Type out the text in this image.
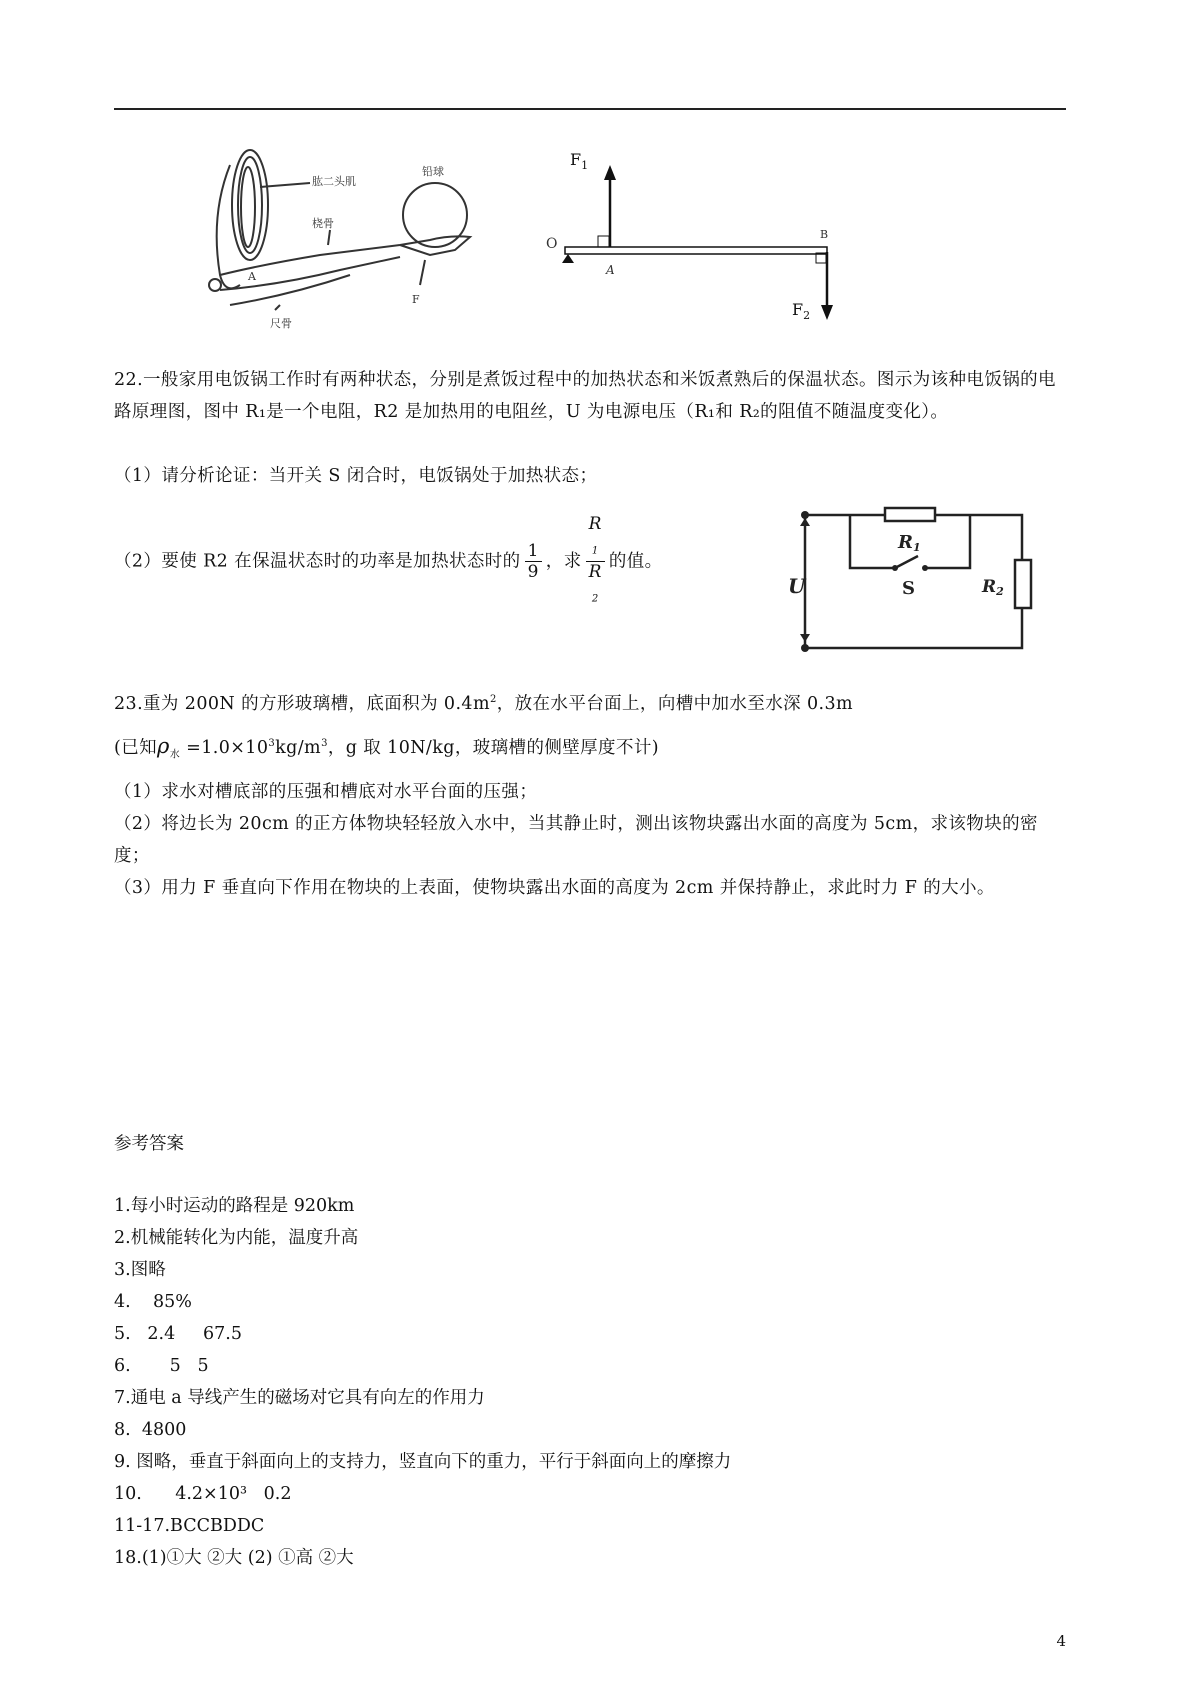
肱二头肌
桡骨
铅球
尺骨
A
F
$F_1$
$F_2$
O
A
B

22.一般家用电饭锅工作时有两种状态，分别是煮饭过程中的加热状态和米饭煮熟后的保温状态。图示为该种电饭锅的电路原理图，图中 R₁是一个电阻，R2 是加热用的电阻丝，U 为电源电压（R₁和 R₂的阻值不随温度变化）。

（1）请分析论证：当开关 S 闭合时，电饭锅处于加热状态；

（2）要使 R2 在保温状态时的功率是加热状态时的 $\frac{1}{9}$ ，求 R
$_1$
R
$_2$ 的值。
R1
R2
S
U

23.重为 200N 的方形玻璃槽，底面积为 $0.4m^2$，放在水平台面上，向槽中加水至水深 0.3m

(已知$\rho_水 =1.0\times 10^3kg/m^3$，g 取 10N/kg，玻璃槽的侧壁厚度不计)

（1）求水对槽底部的压强和槽底对水平台面的压强；

（2）将边长为 20cm 的正方体物块轻轻放入水中，当其静止时，测出该物块露出水面的高度为 5cm，求该物块的密度；

（3）用力 F 垂直向下作用在物块的上表面，使物块露出水面的高度为 2cm 并保持静止，求此时力 F 的大小。

参考答案
1.每小时运动的路程是 920km
2.机械能转化为内能，温度升高
3.图略
4.    85%
5.   2.4     67.5
6.       5   5
7.通电 a 导线产生的磁场对它具有向左的作用力
8.  4800
9. 图略，垂直于斜面向上的支持力，竖直向下的重力，平行于斜面向上的摩擦力
10.      4.2×10³   0.2
11-17.BCCBDDC
18.(1)①大 ②大 (2) ①高 ②大
4
